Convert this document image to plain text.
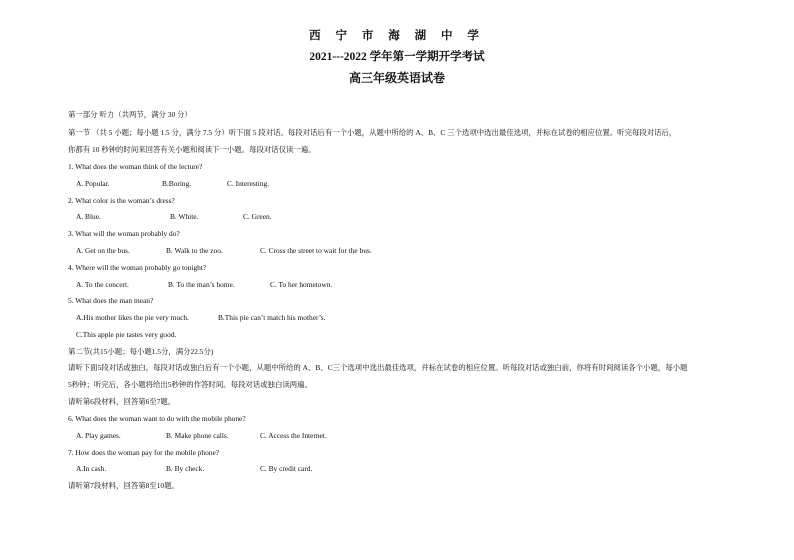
西 宁 市 海 湖 中 学
2021---2022 学年第一学期开学考试
高三年级英语试卷
第一部分 听力（共两节，满分 30 分）
第一节 （共 5 小题；每小题 1.5 分，满分 7.5 分）听下面 5 段对话。每段对话后有一个小题，从题中所给的 A、B、C 三个选项中选出最佳选项，并标在试卷的相应位置。听完每段对话后，
你都有 10 秒钟的时间来回答有关小题和阅读下一小题。每段对话仅读一遍。
1. What does the woman think of the lecture?
A. Popular.	B.Boring.	C. Interesting.
2. What color is the woman’s dress?
A. Blue.	B. White.	C. Green.
3. What will the woman probably do?
A. Get on the bus.	B. Walk to the zoo.	C. Cross the street to wait for the bus.
4. Where will the woman probably go tonight?
A. To the concert.	B. To the man’s home.	C. To her hometown.
5. What does the man mean?
A.His mother likes the pie very much.	B.This pie can’t match his mother’s.
C.This apple pie tastes very good.
第二节(共15小题；每小题1.5分，满分22.5分)
请听下面5段对话或独白。每段对话或独白后有一个小题，从题中所给的 A、B、C三个选项中选出最佳选项，并标在试卷的相应位置。听每段对话或独白前，你将有时间阅读各个小题，每小题
5秒钟；听完后，各小题将给出5秒钟的作答时间。每段对话或独白读两遍。
请听第6段材料，回答第6至7题。
6. What does the woman want to do with the mobile phone?
A. Play games.	B. Make phone calls.	C. Access the Internet.
7. How does the woman pay for the mobile phone?
A.In cash.	B. By check.	C. By credit card.
请听第7段材料，回答第8至10题。
